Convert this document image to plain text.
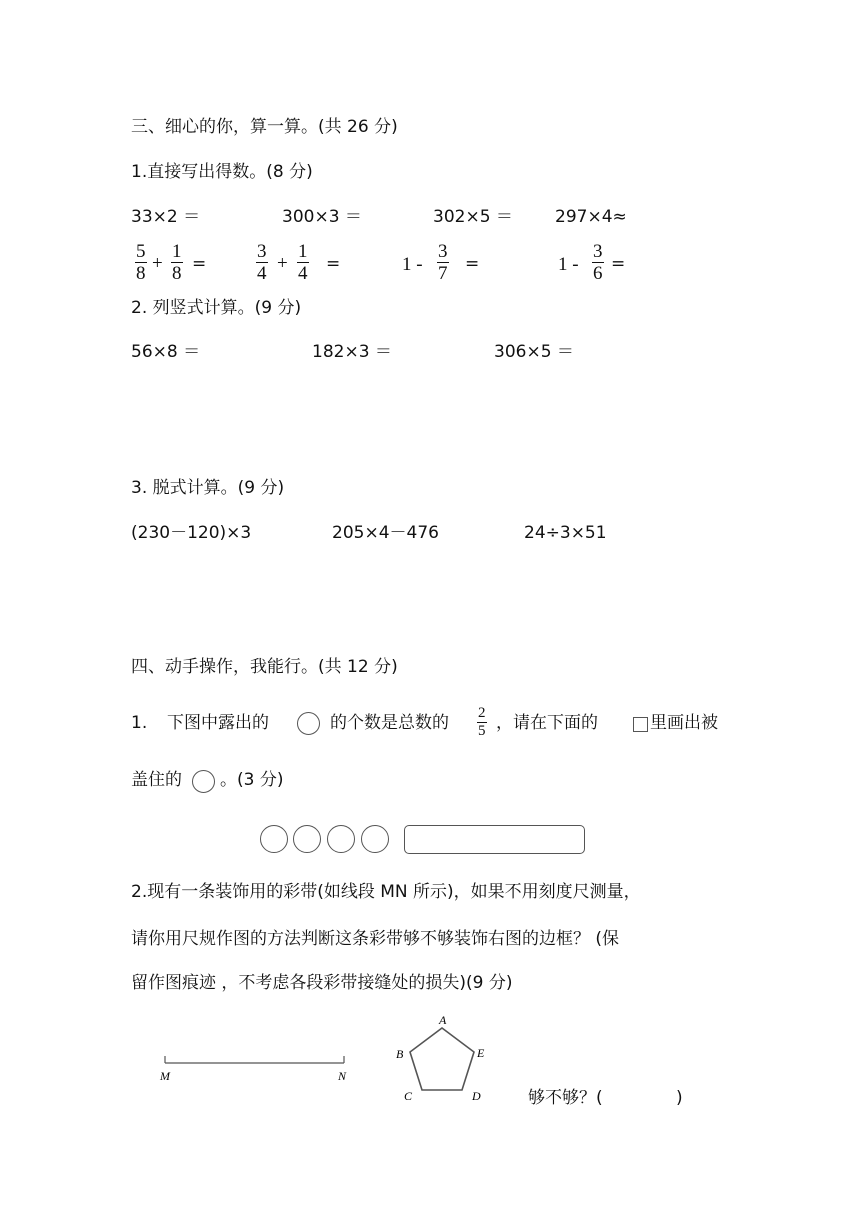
三、细心的你，算一算。(共 26 分)
1.直接写出得数。(8 分)
33×2 ＝	300×3 ＝	302×5 ＝ 297×4≈
$\frac{5}{8} + \frac{1}{8}$ =	$\frac{3}{4} + \frac{1}{4}$ =	$1 - \frac{3}{7}$ =	$1 - \frac{3}{6}$ =
2. 列竖式计算。(9 分)
56×8 ＝	182×3 ＝	306×5 ＝
3. 脱式计算。(9 分)
(230－120)×3	205×4－476	24÷3×51
四、动手操作，我能行。(共 12 分)
1. 下图中露出的	的个数是总数的 $\frac{2}{5}$ ，请在下面的	里画出被
盖住的 。(3 分)
2.现有一条装饰用的彩带(如线段 MN 所示)，如果不用刻度尺测量，
请你用尺规作图的方法判断这条彩带够不够装饰右图的边框？ (保
留作图痕迹 ，不考虑各段彩带接缝处的损失)(9 分)
M	N
A
B
C	D
E
够不够？(	)
